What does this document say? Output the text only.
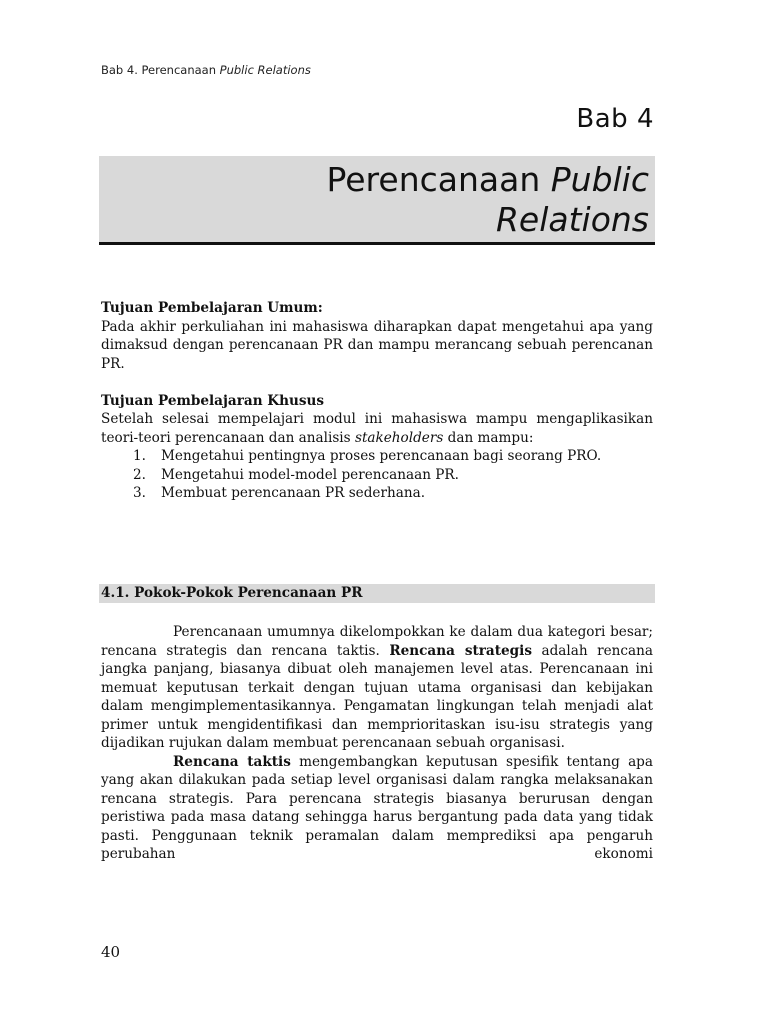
Bab 4. Perencanaan Public Relations
Bab 4
Perencanaan Public
Relations

Tujuan Pembelajaran Umum:

Pada akhir perkuliahan ini mahasiswa diharapkan dapat mengetahui apa yang dimaksud dengan perencanaan PR dan mampu merancang sebuah perencanan PR.

Tujuan Pembelajaran Khusus

Setelah selesai mempelajari modul ini mahasiswa mampu mengaplikasikan teori-teori perencanaan dan analisis stakeholders dan mampu:

1. Mengetahui pentingnya proses perencanaan bagi seorang PRO.
2. Mengetahui model-model perencanaan PR.
3. Membuat perencanaan PR sederhana.
4.1. Pokok-Pokok Perencanaan PR

Perencanaan umumnya dikelompokkan ke dalam dua kategori besar; rencana strategis dan rencana taktis. Rencana strategis adalah rencana jangka panjang, biasanya dibuat oleh manajemen level atas. Perencanaan ini memuat keputusan terkait dengan tujuan utama organisasi dan kebijakan dalam mengimplementasikannya. Pengamatan lingkungan telah menjadi alat primer untuk mengidentifikasi dan memprioritaskan isu-isu strategis yang dijadikan rujukan dalam membuat perencanaan sebuah organisasi.

Rencana taktis mengembangkan keputusan spesifik tentang apa yang akan dilakukan pada setiap level organisasi dalam rangka melaksanakan rencana strategis. Para perencana strategis biasanya berurusan dengan peristiwa pada masa datang sehingga harus bergantung pada data yang tidak pasti. Penggunaan teknik peramalan dalam memprediksi apa pengaruh perubahan ekonomi

40
